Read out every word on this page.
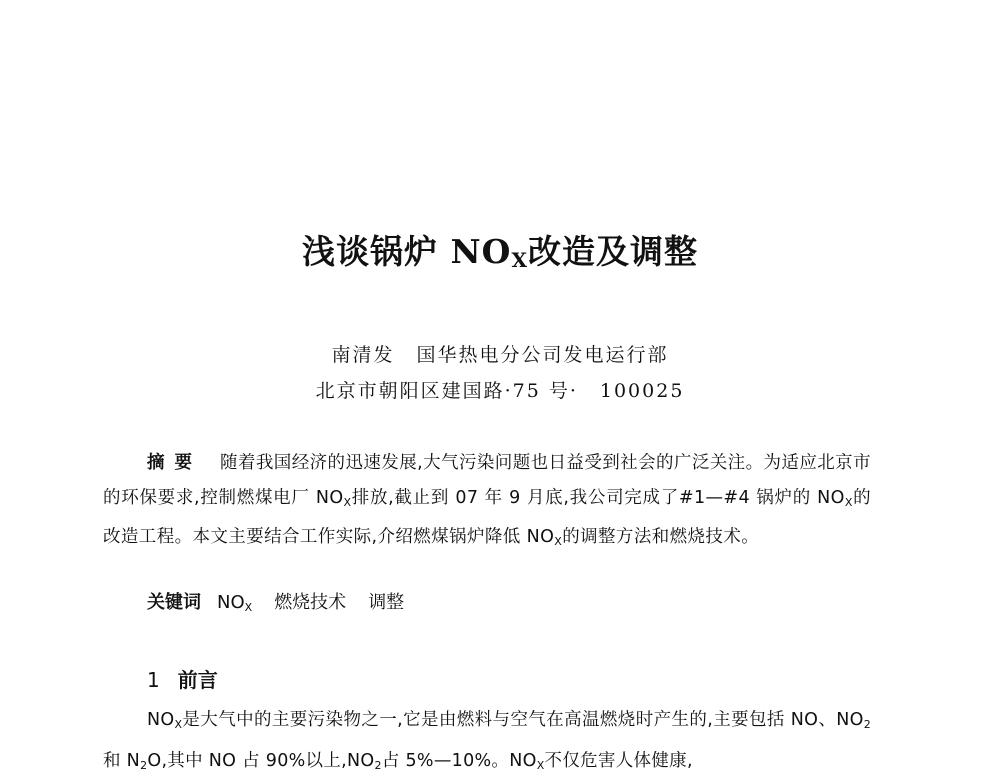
浅谈锅炉 $NO_X$改造及调整
南清发 国华热电分公司发电运行部
北京市朝阳区建国路·75 号· 100025
摘要 随着我国经济的迅速发展,大气污染问题也日益受到社会的广泛关注。为适应北京市的环保要求,控制燃煤电厂 $NO_X$排放,截止到 07 年 9 月底,我公司完成了#1—#4 锅炉的 $NO_X$的改造工程。本文主要结合工作实际,介绍燃煤锅炉降低 $NO_X$的调整方法和燃烧技术。
关键词 $NO_X$ 燃烧技术 调整
1 前言
$NO_X$是大气中的主要污染物之一,它是由燃料与空气在高温燃烧时产生的,主要包括 NO、$NO_2$和 $N_2O$,其中 NO 占 90%以上$,NO_2$占 5%—10%。$NO_X$不仅危害人体健康,
